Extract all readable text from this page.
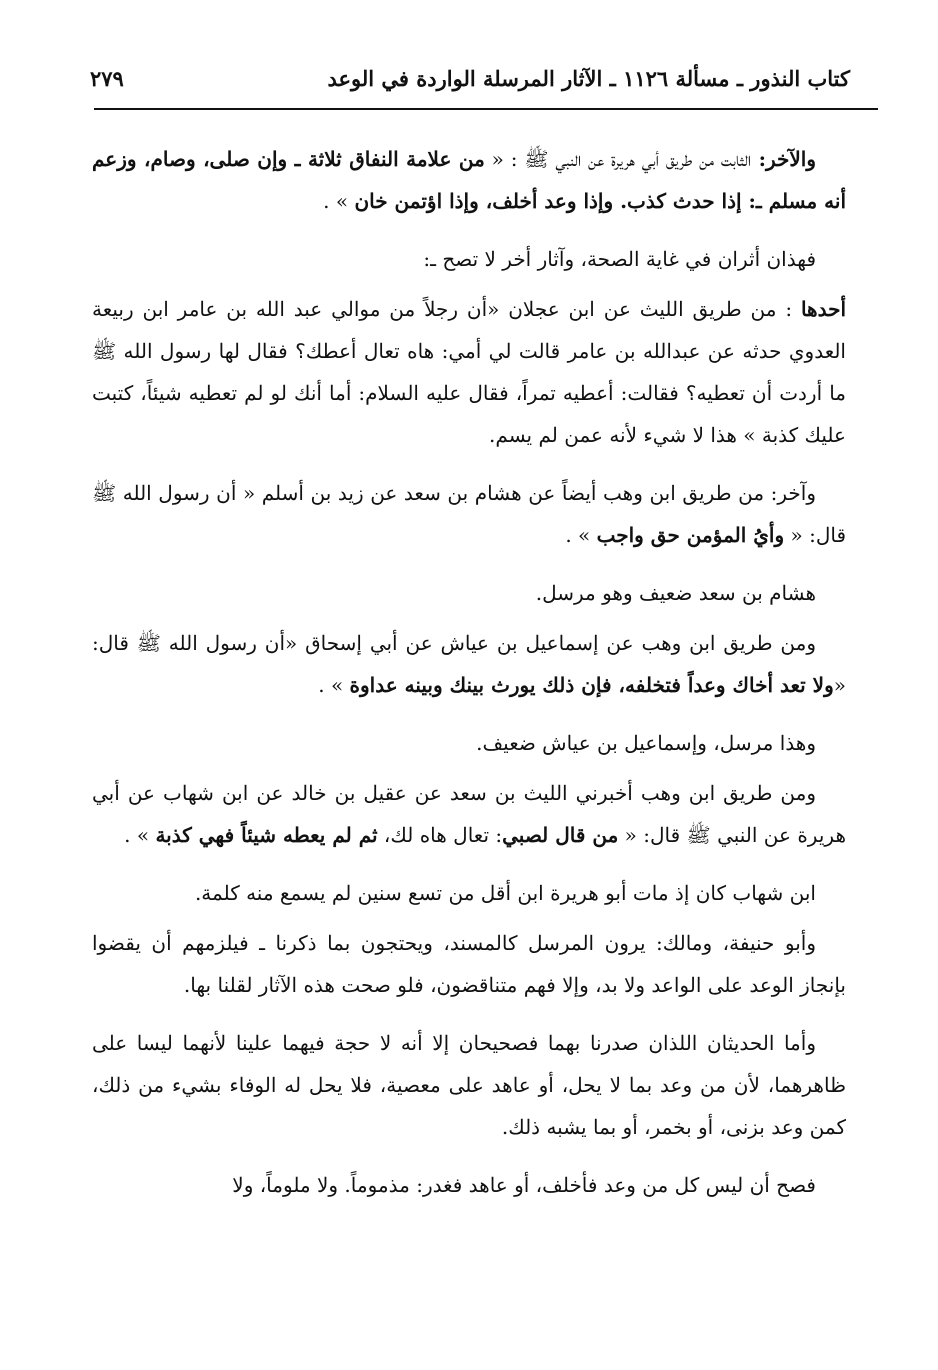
كتاب النذور ـ مسألة ١١٢٦ ـ الآثار المرسلة الواردة في الوعد
٢٧٩

والآخر: الثابت من طريق أبي هريرة عن النبي ﷺ : « من علامة النفاق ثلاثة ـ وإن صلى، وصام، وزعم أنه مسلم ـ: إذا حدث كذب. وإذا وعد أخلف، وإذا اؤتمن خان » .

فهذان أثران في غاية الصحة، وآثار أخر لا تصح ـ:

أحدها : من طريق الليث عن ابن عجلان «أن رجلاً من موالي عبد الله بن عامر ابن ربيعة العدوي حدثه عن عبدالله بن عامر قالت لي أمي: هاه تعال أعطك؟ فقال لها رسول الله ﷺ ما أردت أن تعطيه؟ فقالت: أعطيه تمراً، فقال عليه السلام: أما أنك لو لم تعطيه شيئاً، كتبت عليك كذبة » هذا لا شيء لأنه عمن لم يسم.

وآخر: من طريق ابن وهب أيضاً عن هشام بن سعد عن زيد بن أسلم « أن رسول الله ﷺ قال: « وأيُ المؤمن حق واجب » .

هشام بن سعد ضعيف وهو مرسل.

ومن طريق ابن وهب عن إسماعيل بن عياش عن أبي إسحاق «أن رسول الله ﷺ قال: «ولا تعد أخاك وعداً فتخلفه، فإن ذلك يورث بينك وبينه عداوة » .

وهذا مرسل، وإسماعيل بن عياش ضعيف.

ومن طريق ابن وهب أخبرني الليث بن سعد عن عقيل بن خالد عن ابن شهاب عن أبي هريرة عن النبي ﷺ قال: « من قال لصبي: تعال هاه لك، ثم لم يعطه شيئاً فهي كذبة » .

ابن شهاب كان إذ مات أبو هريرة ابن أقل من تسع سنين لم يسمع منه كلمة.

وأبو حنيفة، ومالك: يرون المرسل كالمسند، ويحتجون بما ذكرنا ـ فيلزمهم أن يقضوا بإنجاز الوعد على الواعد ولا بد، وإلا فهم متناقضون، فلو صحت هذه الآثار لقلنا بها.

وأما الحديثان اللذان صدرنا بهما فصحيحان إلا أنه لا حجة فيهما علينا لأنهما ليسا على ظاهرهما، لأن من وعد بما لا يحل، أو عاهد على معصية، فلا يحل له الوفاء بشيء من ذلك، كمن وعد بزنى، أو بخمر، أو بما يشبه ذلك.

فصح أن ليس كل من وعد فأخلف، أو عاهد فغدر: مذموماً. ولا ملوماً، ولا
